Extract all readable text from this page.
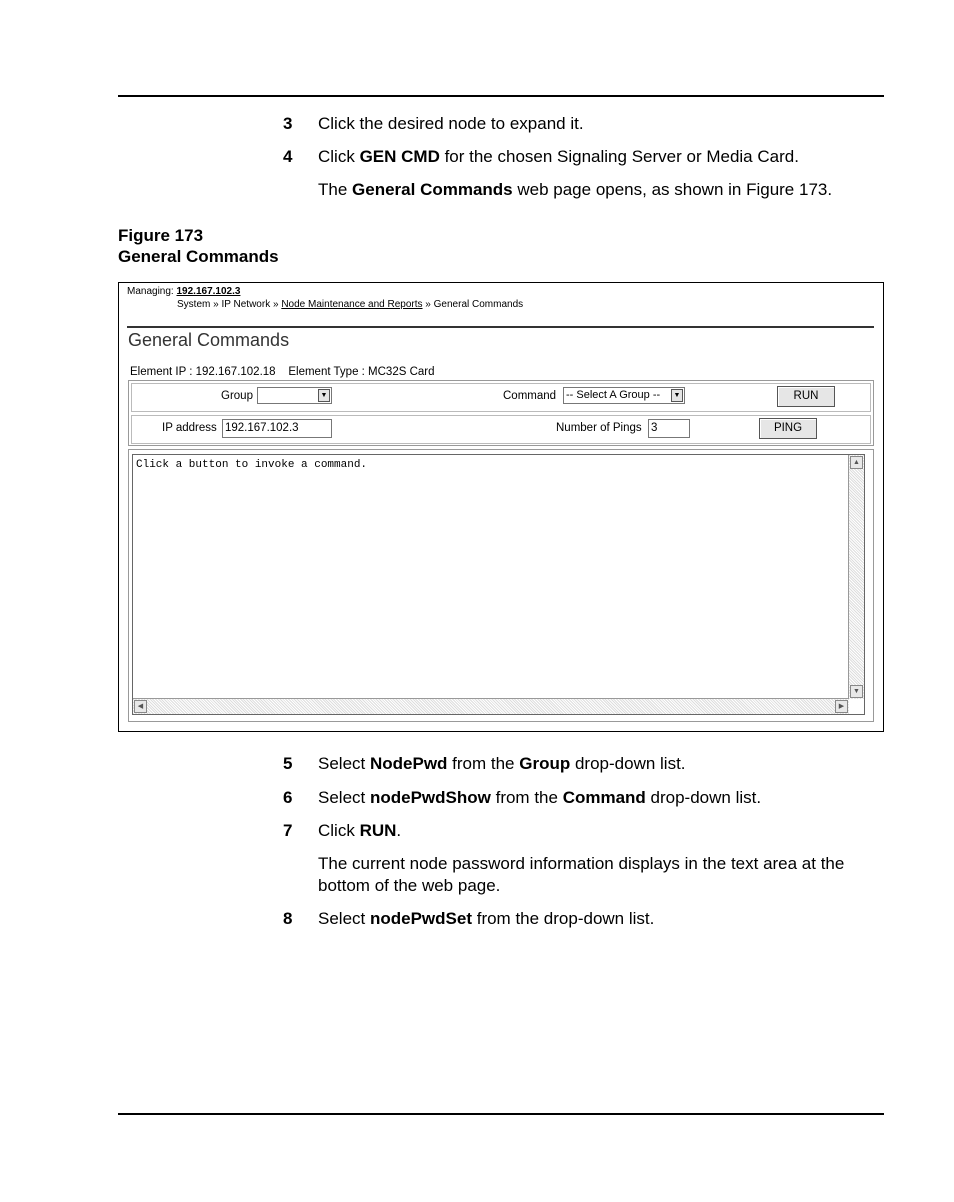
3 Click the desired node to expand it.
4 Click GEN CMD for the chosen Signaling Server or Media Card.
The General Commands web page opens, as shown in Figure 173.
Figure 173
General Commands
Managing: 192.167.102.3
System » IP Network » Node Maintenance and Reports » General Commands
General Commands
Element IP : 192.167.102.18 Element Type : MC32S Card
Group	▼	Command -- Select A Group --	▼	RUN
IP address 192.167.102.3	Number of Pings 3	PING
Click a button to invoke a command.	▲
▼
◀	▶
5 Select NodePwd from the Group drop-down list.
6 Select nodePwdShow from the Command drop-down list.
7 Click RUN.
The current node password information displays in the text area at the bottom of the web page.
8 Select nodePwdSet from the drop-down list.
